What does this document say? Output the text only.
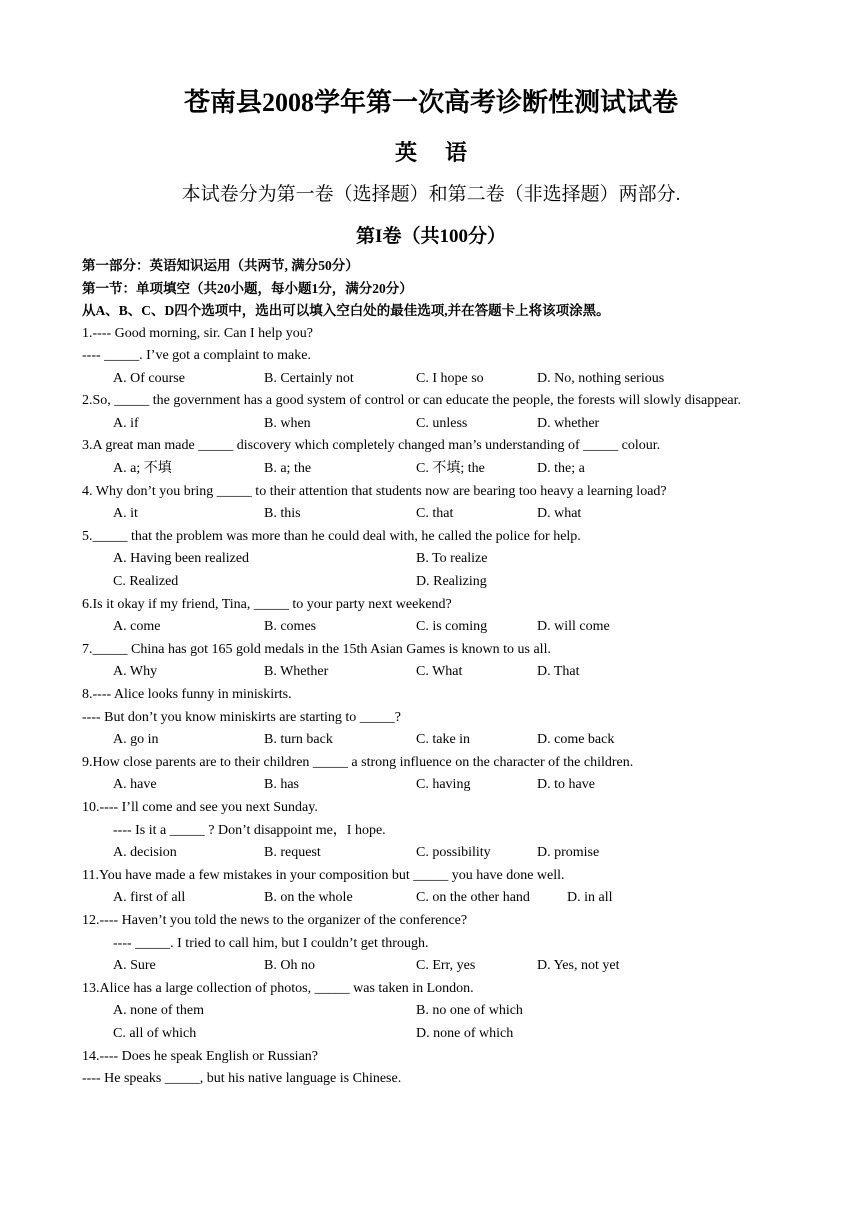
苍南县2008学年第一次高考诊断性测试试卷
英语
本试卷分为第一卷（选择题）和第二卷（非选择题）两部分.
第I卷（共100分）
第一部分：英语知识运用（共两节, 满分50分）
第一节：单项填空（共20小题，每小题1分，满分20分）
从A、B、C、D四个选项中，选出可以填入空白处的最佳选项,并在答题卡上将该项涂黑。
1.---- Good morning, sir. Can I help you?
---- _____. I’ve got a complaint to make.
A. Of course	B. Certainly not	C. I hope so	D. No, nothing serious
2.So, _____ the government has a good system of control or can educate the people, the forests will slowly disappear.
A. if	B. when	C. unless	D. whether
3.A great man made _____ discovery which completely changed man’s understanding of _____ colour.
A. a; 不填	B. a; the	C. 不填; the	D. the; a
4. Why don’t you bring _____ to their attention that students now are bearing too heavy a learning load?
A. it	B. this	C. that	D. what
5._____ that the problem was more than he could deal with, he called the police for help.
A. Having been realized	B. To realize
C. Realized	D. Realizing
6.Is it okay if my friend, Tina, _____ to your party next weekend?
A. come	B. comes	C. is coming	D. will come
7._____ China has got 165 gold medals in the 15th Asian Games is known to us all.
A. Why	B. Whether	C. What	D. That
8.---- Alice looks funny in miniskirts.
---- But don’t you know miniskirts are starting to _____?
A. go in	B. turn back	C. take in	D. come back
9.How close parents are to their children _____ a strong influence on the character of the children.
A. have	B. has	C. having	D. to have
10.---- I’ll come and see you next Sunday.
---- Is it a _____ ? Don’t disappoint me，I hope.
A. decision	B. request	C. possibility	D. promise
11.You have made a few mistakes in your composition but _____ you have done well.
A. first of all	B. on the whole	C. on the other hand	D. in all
12.---- Haven’t you told the news to the organizer of the conference?
---- _____. I tried to call him, but I couldn’t get through.
A. Sure	B. Oh no	C. Err, yes	D. Yes, not yet
13.Alice has a large collection of photos, _____ was taken in London.
A. none of them	B. no one of which
C. all of which	D. none of which
14.---- Does he speak English or Russian?
---- He speaks _____, but his native language is Chinese.
